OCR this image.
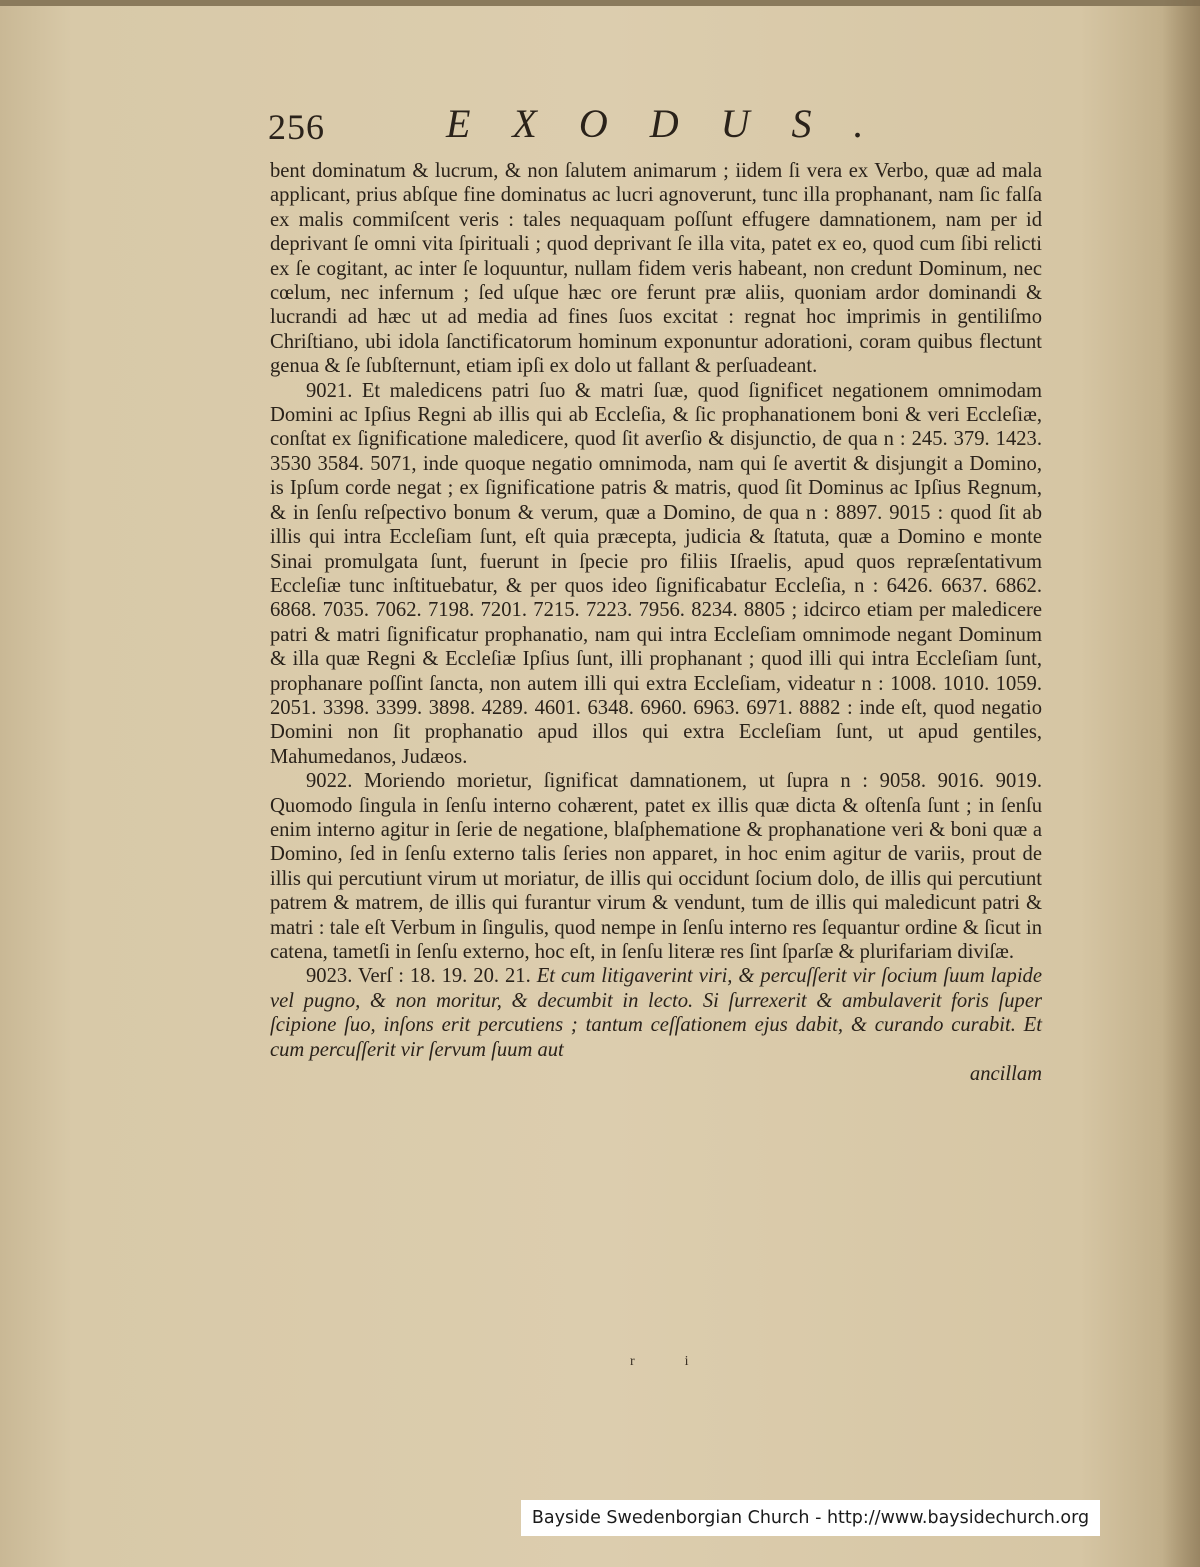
256	EXODUS.

bent dominatum & lucrum, & non ſalutem animarum ; iidem ſi vera ex Verbo, quæ ad mala applicant, prius abſque fine dominatus ac lucri agnoverunt, tunc illa prophanant, nam ſic falſa ex malis commiſcent veris : tales nequaquam poſſunt effugere damnationem, nam per id deprivant ſe omni vita ſpirituali ; quod deprivant ſe illa vita, patet ex eo, quod cum ſibi relicti ex ſe cogitant, ac inter ſe loquuntur, nullam fidem veris habeant, non credunt Dominum, nec cœlum, nec infernum ; ſed uſque hæc ore ferunt præ aliis, quoniam ardor dominandi & lucrandi ad hæc ut ad media ad fines ſuos excitat : regnat hoc imprimis in gentiliſmo Chriſtiano, ubi idola ſanctificatorum hominum exponuntur adorationi, coram quibus flectunt genua & ſe ſubſternunt, etiam ipſi ex dolo ut fallant & perſuadeant.

9021. Et maledicens patri ſuo & matri ſuæ, quod ſignificet negationem omnimodam Domini ac Ipſius Regni ab illis qui ab Eccleſia, & ſic prophanationem boni & veri Eccleſiæ, conſtat ex ſignificatione maledicere, quod ſit averſio & disjunctio, de qua n : 245. 379. 1423. 3530 3584. 5071, inde quoque negatio omnimoda, nam qui ſe avertit & disjungit a Domino, is Ipſum corde negat ; ex ſignificatione patris & matris, quod ſit Dominus ac Ipſius Regnum, & in ſenſu reſpectivo bonum & verum, quæ a Domino, de qua n : 8897. 9015 : quod ſit ab illis qui intra Eccleſiam ſunt, eſt quia præcepta, judicia & ſtatuta, quæ a Domino e monte Sinai promulgata ſunt, fuerunt in ſpecie pro filiis Iſraelis, apud quos repræſentativum Eccleſiæ tunc inſtituebatur, & per quos ideo ſignificabatur Eccleſia, n : 6426. 6637. 6862. 6868. 7035. 7062. 7198. 7201. 7215. 7223. 7956. 8234. 8805 ; idcirco etiam per maledicere patri & matri ſignificatur prophanatio, nam qui intra Eccleſiam omnimode negant Dominum & illa quæ Regni & Eccleſiæ Ipſius ſunt, illi prophanant ; quod illi qui intra Eccleſiam ſunt, prophanare poſſint ſancta, non autem illi qui extra Eccleſiam, videatur n : 1008. 1010. 1059. 2051. 3398. 3399. 3898. 4289. 4601. 6348. 6960. 6963. 6971. 8882 : inde eſt, quod negatio Domini non ſit prophanatio apud illos qui extra Eccleſiam ſunt, ut apud gentiles, Mahumedanos, Judæos.

9022. Moriendo morietur, ſignificat damnationem, ut ſupra n : 9058. 9016. 9019. Quomodo ſingula in ſenſu interno cohærent, patet ex illis quæ dicta & oſtenſa ſunt ; in ſenſu enim interno agitur in ſerie de negatione, blaſphematione & prophanatione veri & boni quæ a Domino, ſed in ſenſu externo talis ſeries non apparet, in hoc enim agitur de variis, prout de illis qui percutiunt virum ut moriatur, de illis qui occidunt ſocium dolo, de illis qui percutiunt patrem & matrem, de illis qui furantur virum & vendunt, tum de illis qui maledicunt patri & matri : tale eſt Verbum in ſingulis, quod nempe in ſenſu interno res ſequantur ordine & ſicut in catena, tametſi in ſenſu externo, hoc eſt, in ſenſu literæ res ſint ſparſæ & plurifariam diviſæ.

9023. Verſ : 18. 19. 20. 21. Et cum litigaverint viri, & percuſſerit vir ſocium ſuum lapide vel pugno, & non moritur, & decumbit in lecto. Si ſurrexerit & ambulaverit foris ſuper ſcipione ſuo, inſons erit percutiens ; tantum ceſſationem ejus dabit, & curando curabit. Et cum percuſſerit vir ſervum ſuum aut

ancillam

ri
Bayside Swedenborgian Church - http://www.baysidechurch.org
